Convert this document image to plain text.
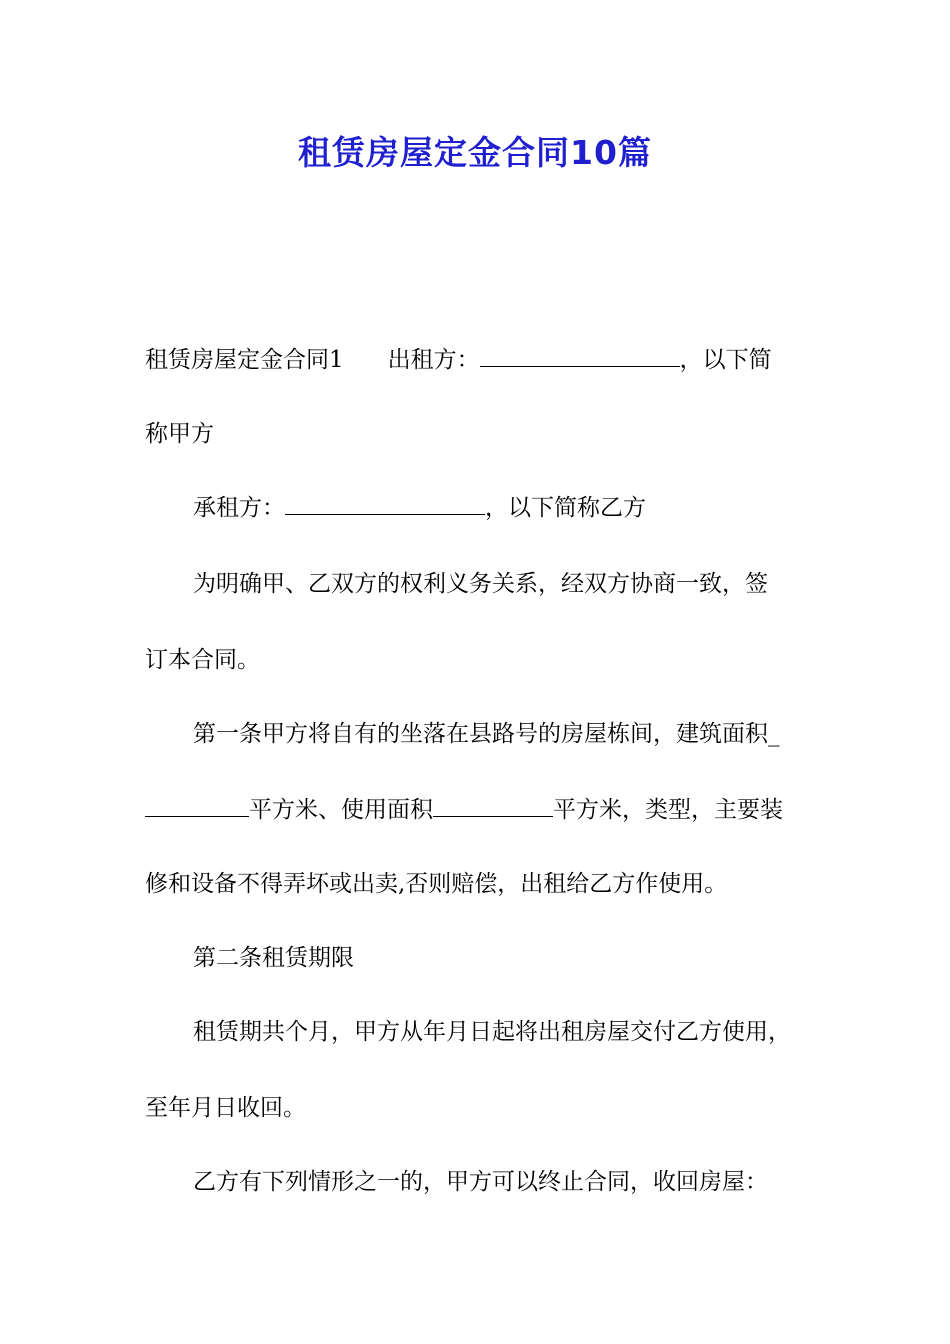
租赁房屋定金合同10篇
租赁房屋定金合同1 出租方：	，以下简
称甲方
承租方：	，以下简称乙方
为明确甲、乙双方的权利义务关系，经双方协商一致，签
订本合同。
第一条甲方将自有的坐落在县路号的房屋栋间，建筑面积_
平方米、使用面积	平方米，类型，主要装
修和设备不得弄坏或出卖,否则赔偿，出租给乙方作使用。
第二条租赁期限
租赁期共个月，甲方从年月日起将出租房屋交付乙方使用，
至年月日收回。
乙方有下列情形之一的，甲方可以终止合同，收回房屋：
